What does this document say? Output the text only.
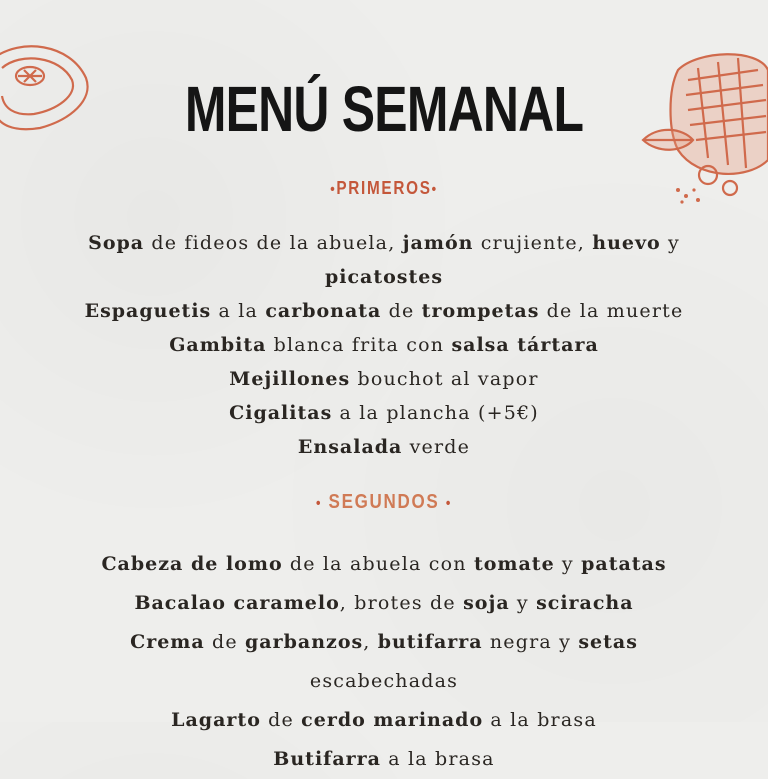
MENÚ SEMANAL
•PRIMEROS•
Sopa de fideos de la abuela, jamón crujiente, huevo y picatostes
Espaguetis a la carbonata de trompetas de la muerte
Gambita blanca frita con salsa tártara
Mejillones bouchot al vapor
Cigalitas a la plancha (+5€)
Ensalada verde
• SEGUNDOS •
Cabeza de lomo de la abuela con tomate y patatas
Bacalao caramelo, brotes de soja y sciracha
Crema de garbanzos, butifarra negra y setas escabechadas
Lagarto de cerdo marinado a la brasa
Butifarra a la brasa
